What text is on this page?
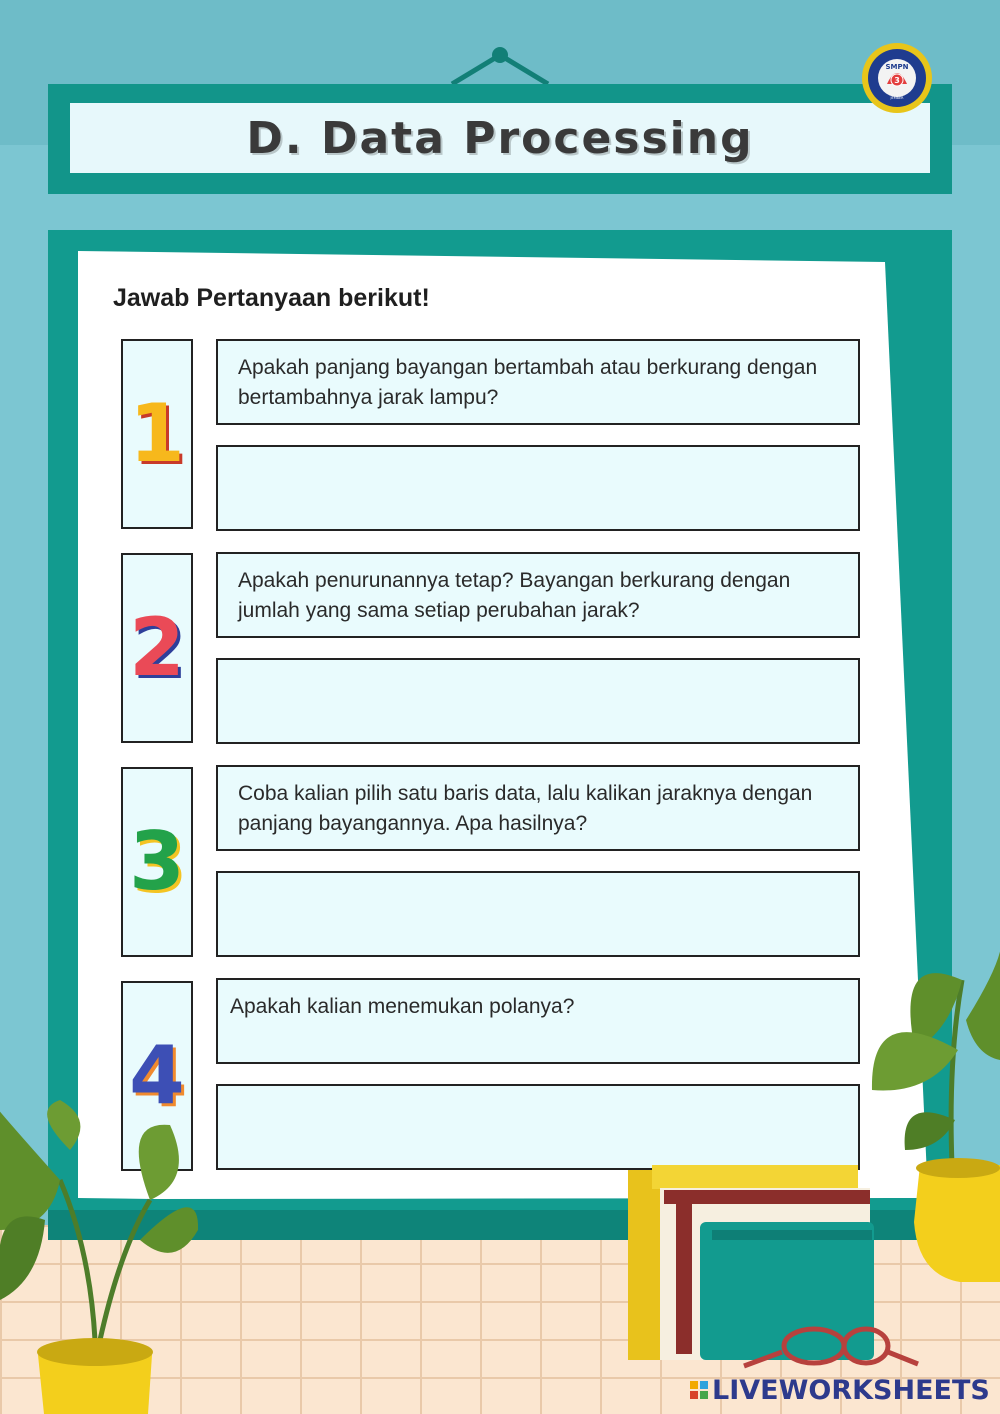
D. Data Processing
SMPN
3
JEMBER

Jawab Pertanyaan berikut!

1
Apakah panjang bayangan bertambah atau berkurang dengan bertambahnya jarak lampu?
2
Apakah penurunannya tetap? Bayangan berkurang dengan jumlah yang sama setiap perubahan jarak?
3
Coba kalian pilih satu baris data, lalu kalikan jaraknya dengan panjang bayangannya. Apa hasilnya?
4
Apakah kalian menemukan polanya?
LIVEWORKSHEETS
